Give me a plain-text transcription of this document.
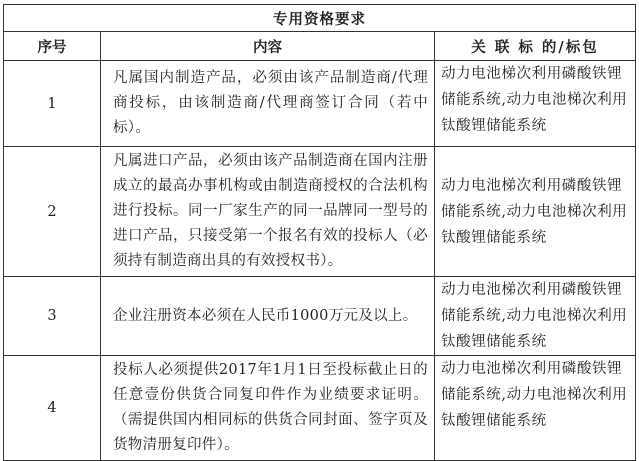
专用资格要求		
序号	内容	关 联 标 的/标包
1	凡属国内制造产品，必须由该产品制造商/代理商投标，由该制造商/代理商签订合同（若中标）。	动力电池梯次利用磷酸铁锂储能系统,动力电池梯次利用钛酸锂储能系统
2	凡属进口产品，必须由该产品制造商在国内注册成立的最高办事机构或由制造商授权的合法机构进行投标。同一厂家生产的同一品牌同一型号的进口产品，只接受第一个报名有效的投标人（必须持有制造商出具的有效授权书）。	动力电池梯次利用磷酸铁锂储能系统,动力电池梯次利用钛酸锂储能系统
3	企业注册资本必须在人民币1000万元及以上。	动力电池梯次利用磷酸铁锂储能系统,动力电池梯次利用钛酸锂储能系统
4	投标人必须提供2017年1月1日至投标截止日的任意壹份供货合同复印件作为业绩要求证明。（需提供国内相同标的供货合同封面、签字页及货物清册复印件）。	动力电池梯次利用磷酸铁锂储能系统,动力电池梯次利用钛酸锂储能系统
